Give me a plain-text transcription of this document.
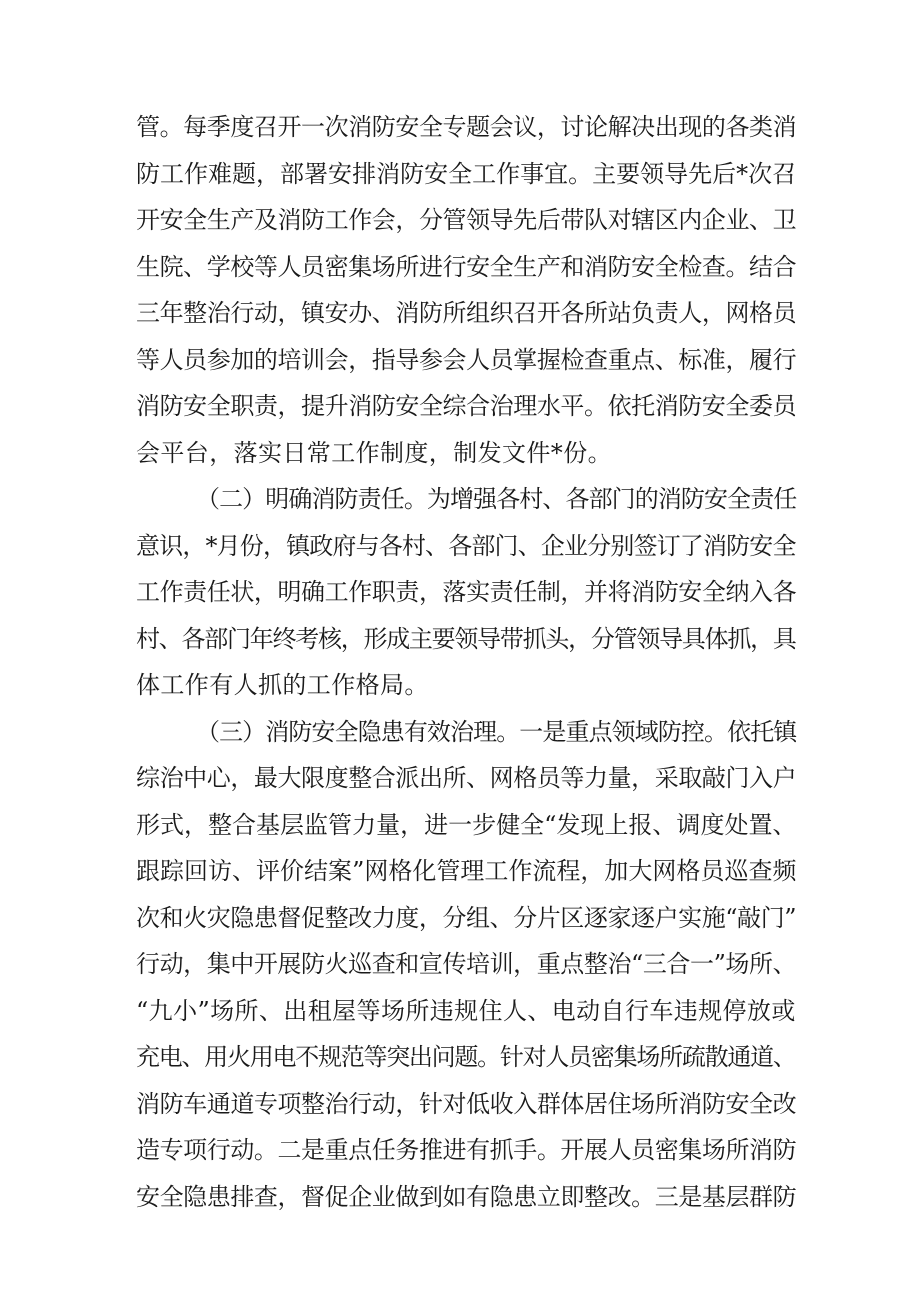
管。每季度召开一次消防安全专题会议，讨论解决出现的各类消
防工作难题，部署安排消防安全工作事宜。主要领导先后*次召
开安全生产及消防工作会，分管领导先后带队对辖区内企业、卫
生院、学校等人员密集场所进行安全生产和消防安全检查。结合
三年整治行动，镇安办、消防所组织召开各所站负责人，网格员
等人员参加的培训会，指导参会人员掌握检查重点、标准，履行
消防安全职责，提升消防安全综合治理水平。依托消防安全委员
会平台，落实日常工作制度，制发文件*份。
（二）明确消防责任。为增强各村、各部门的消防安全责任
意识，*月份，镇政府与各村、各部门、企业分别签订了消防安全
工作责任状，明确工作职责，落实责任制，并将消防安全纳入各
村、各部门年终考核，形成主要领导带抓头，分管领导具体抓，具
体工作有人抓的工作格局。
（三）消防安全隐患有效治理。一是重点领域防控。依托镇
综治中心，最大限度整合派出所、网格员等力量，采取敲门入户
形式，整合基层监管力量，进一步健全“发现上报、调度处置、
跟踪回访、评价结案”网格化管理工作流程，加大网格员巡查频
次和火灾隐患督促整改力度，分组、分片区逐家逐户实施“敲门”
行动，集中开展防火巡查和宣传培训，重点整治“三合一”场所、
“九小”场所、出租屋等场所违规住人、电动自行车违规停放或
充电、用火用电不规范等突出问题。针对人员密集场所疏散通道、
消防车通道专项整治行动，针对低收入群体居住场所消防安全改
造专项行动。二是重点任务推进有抓手。开展人员密集场所消防
安全隐患排查，督促企业做到如有隐患立即整改。三是基层群防
